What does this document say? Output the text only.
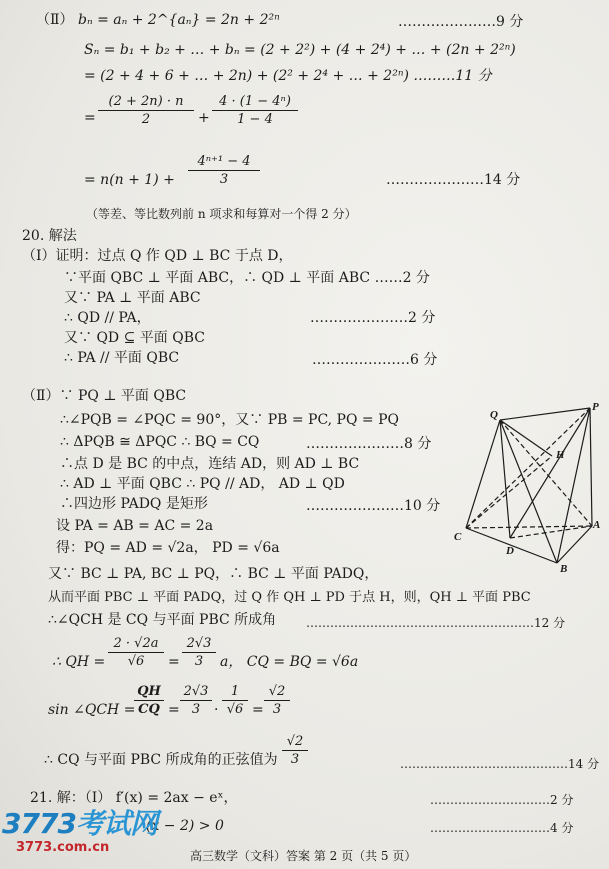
（Ⅱ） bₙ = aₙ + 2^{aₙ} = 2n + 2²ⁿ	…………………9 分
Sₙ = b₁ + b₂ + … + bₙ = (2 + 2²) + (4 + 2⁴) + … + (2n + 2²ⁿ)
= (2 + 4 + 6 + … + 2n) + (2² + 2⁴ + … + 2²ⁿ) ………11 分
=
(2 + 2n) · n
2	+
4 · (1 − 4ⁿ)
1 − 4
= n(n + 1) +
4ⁿ⁺¹ − 4
3	…………………14 分
（等差、等比数列前 n 项求和每算对一个得 2 分）
20. 解法
（Ⅰ）证明：过点 Q 作 QD ⊥ BC 于点 D，
∵平面 QBC ⊥ 平面 ABC，∴ QD ⊥ 平面 ABC ……2 分
又∵ PA ⊥ 平面 ABC
∴ QD // PA，	…………………2 分
又∵ QD ⊆ 平面 QBC
∴ PA // 平面 QBC	…………………6 分
（Ⅱ）∵ PQ ⊥ 平面 QBC
∴∠PQB = ∠PQC = 90°，又∵ PB = PC, PQ = PQ
∴ ΔPQB ≅ ΔPQC ∴ BQ = CQ	…………………8 分
∴点 D 是 BC 的中点，连结 AD，则 AD ⊥ BC
∴ AD ⊥ 平面 QBC ∴ PQ // AD， AD ⊥ QD
∴四边形 PADQ 是矩形	…………………10 分
设 PA = AB = AC = 2a
得：PQ = AD = √2a， PD = √6a
又∵ BC ⊥ PA, BC ⊥ PQ，∴ BC ⊥ 平面 PADQ，
从而平面 PBC ⊥ 平面 PADQ，过 Q 作 QH ⊥ PD 于点 H，则，QH ⊥ 平面 PBC
∴∠QCH 是 CQ 与平面 PBC 所成角 …………………………………………………12 分
∴ QH =
2 · √2a
√6	=
2√3
3	a， CQ = BQ = √6a
sin ∠QCH =
QH
CQ =
2√3
3 ·
1
√6 =
√2
3
∴ CQ 与平面 PBC 所成角的正弦值为
√2
3	……………………………………14 分
21. 解：（Ⅰ） f′(x) = 2ax − eˣ，	…………………………2 分
(x − 2) > 0	…………………………4 分
高三数学（文科）答案 第 2 页（共 5 页）
3773考试网
3773.com.cn
Q
P
H
A
B
C
D
